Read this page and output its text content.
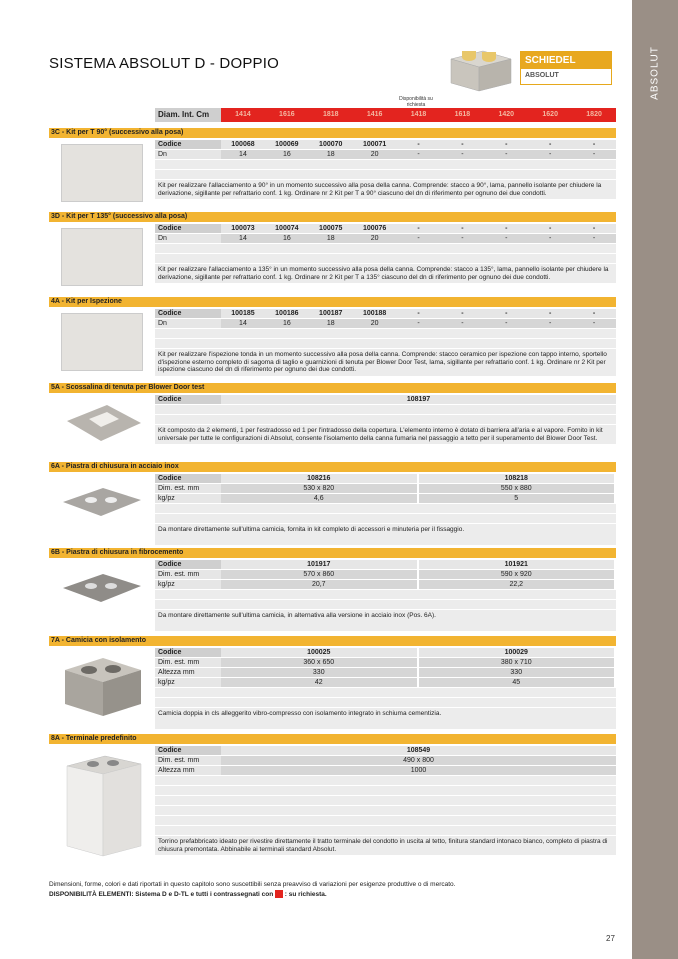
ABSOLUT
SISTEMA ABSOLUT D - DOPPIO	SCHIEDEL
ABSOLUT
Disponibilità su richiesta
Diam. Int. Cm	1414	1616	1818	1416	1418	1618	1420	1620	1820
3C - Kit per T 90° (successivo alla posa)
Codice	100068	100069	100070	100071	-	-	-	-	-
Dn	14	16	18	20	-	-	-	-	-
Kit per realizzare l'allacciamento a 90° in un momento successivo alla posa della canna. Comprende: stacco a 90°, lama, pannello isolante per chiudere la derivazione, sigillante per refrattario conf. 1 kg. Ordinare nr 2 Kit per T a 90° ciascuno del dn di riferimento per ognuno dei due condotti.
3D - Kit per T 135° (successivo alla posa)
Codice	100073	100074	100075	100076	-	-	-	-	-
Dn	14	16	18	20	-	-	-	-	-
Kit per realizzare l'allacciamento a 135° in un momento successivo alla posa della canna. Comprende: stacco a 135°, lama, pannello isolante per chiudere la derivazione, sigillante per refrattario conf. 1 kg. Ordinare nr 2 Kit per T a 135° ciascuno del dn di riferimento per ognuno dei due condotti.
4A - Kit per Ispezione
Codice	100185	100186	100187	100188	-	-	-	-	-
Dn	14	16	18	20	-	-	-	-	-
Kit per realizzare l'ispezione tonda in un momento successivo alla posa della canna. Comprende: stacco ceramico per ispezione con tappo interno, sportello d'ispezione esterno completo di sagoma di taglio e guarnizioni di tenuta per Blower Door Test, lama, sigillante per refrattario conf. 1 kg. Ordinare nr 2 Kit per ispezione ciascuno del dn di riferimento per ognuno dei due condotti.
5A - Scossalina di tenuta per Blower Door test
Codice	108197
Kit composto da 2 elementi, 1 per l'estradosso ed 1 per l'intradosso della copertura. L'elemento interno è dotato di barriera all'aria e al vapore. Fornito in kit universale per tutte le configurazioni di Absolut, consente l'isolamento della canna fumaria nel passaggio a tetto per il superamento del Blower Door Test.
6A - Piastra di chiusura in acciaio inox
Codice	108216	108218
Dim. est. mm	530 x 820	550 x 880
kg/pz	4,6	5
Da montare direttamente sull'ultima camicia, fornita in kit completo di accessori e minuteria per il fissaggio.
6B - Piastra di chiusura in fibrocemento
Codice	101917	101921
Dim. est. mm	570 x 860	590 x 920
kg/pz	20,7	22,2
Da montare direttamente sull'ultima camicia, in alternativa alla versione in acciaio inox (Pos. 6A).
7A - Camicia con isolamento
Codice	100025	100029
Dim. est. mm	360 x 650	380 x 710
Altezza mm	330	330
kg/pz	42	45
Camicia doppia in cls alleggerito vibro-compresso con isolamento integrato in schiuma cementizia.
8A - Terminale predefinito
Codice	108549
Dim. est. mm	490 x 800
Altezza mm	1000
Torrino prefabbricato ideato per rivestire direttamente il tratto terminale del condotto in uscita al tetto, finitura standard intonaco bianco, completo di piastra di chiusura premontata. Abbinabile ai terminali standard Absolut.
Dimensioni, forme, colori e dati riportati in questo capitolo sono suscettibili senza preavviso di variazioni per esigenze produttive o di mercato.
DISPONIBILITÀ ELEMENTI: Sistema D e D-TL e tutti i contrassegnati con : su richiesta.
27
